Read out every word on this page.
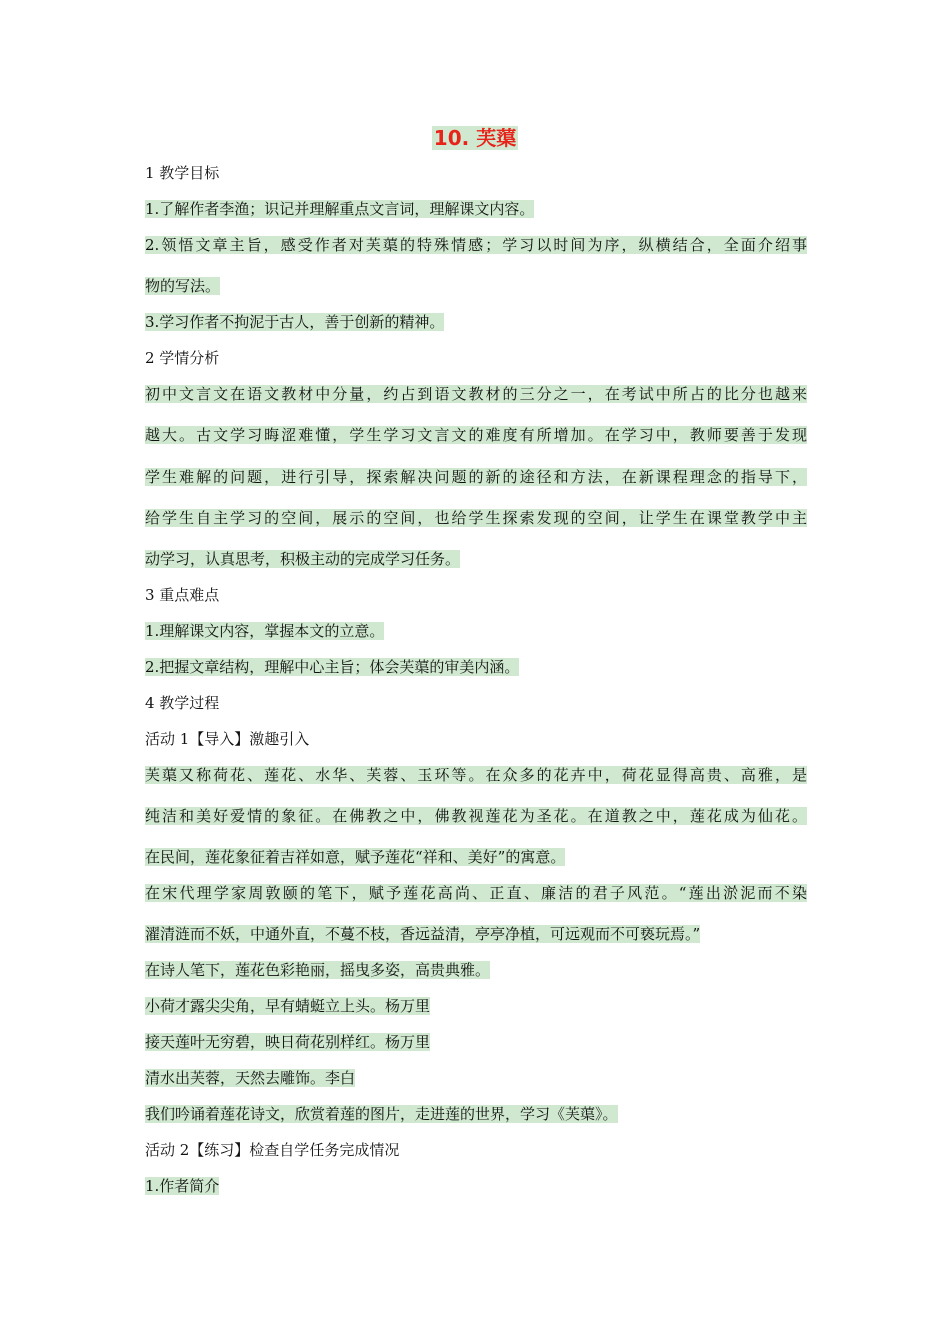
10. 芙蕖
1 教学目标
1.了解作者李渔；识记并理解重点文言词，理解课文内容。
2.领悟文章主旨，感受作者对芙蕖的特殊情感；学习以时间为序，纵横结合，全面介绍事
物的写法。
3.学习作者不拘泥于古人，善于创新的精神。
2 学情分析
初中文言文在语文教材中分量，约占到语文教材的三分之一，在考试中所占的比分也越来
越大。古文学习晦涩难懂，学生学习文言文的难度有所增加。在学习中，教师要善于发现
学生难解的问题，进行引导，探索解决问题的新的途径和方法，在新课程理念的指导下，
给学生自主学习的空间，展示的空间，也给学生探索发现的空间，让学生在课堂教学中主
动学习，认真思考，积极主动的完成学习任务。
3 重点难点
1.理解课文内容，掌握本文的立意。
2.把握文章结构，理解中心主旨；体会芙蕖的审美内涵。
4 教学过程
活动 1【导入】激趣引入
芙蕖又称荷花、莲花、水华、芙蓉、玉环等。在众多的花卉中，荷花显得高贵、高雅，是
纯洁和美好爱情的象征。在佛教之中，佛教视莲花为圣花。在道教之中，莲花成为仙花。
在民间，莲花象征着吉祥如意，赋予莲花“祥和、美好”的寓意。
在宋代理学家周敦颐的笔下，赋予莲花高尚、正直、廉洁的君子风范。“莲出淤泥而不染
濯清涟而不妖，中通外直，不蔓不枝，香远益清，亭亭净植，可远观而不可亵玩焉。”
在诗人笔下，莲花色彩艳丽，摇曳多姿，高贵典雅。
小荷才露尖尖角，早有蜻蜓立上头。杨万里
接天莲叶无穷碧，映日荷花别样红。杨万里
清水出芙蓉，天然去雕饰。李白
我们吟诵着莲花诗文，欣赏着莲的图片，走进莲的世界，学习《芙蕖》。
活动 2【练习】检查自学任务完成情况
1.作者简介
